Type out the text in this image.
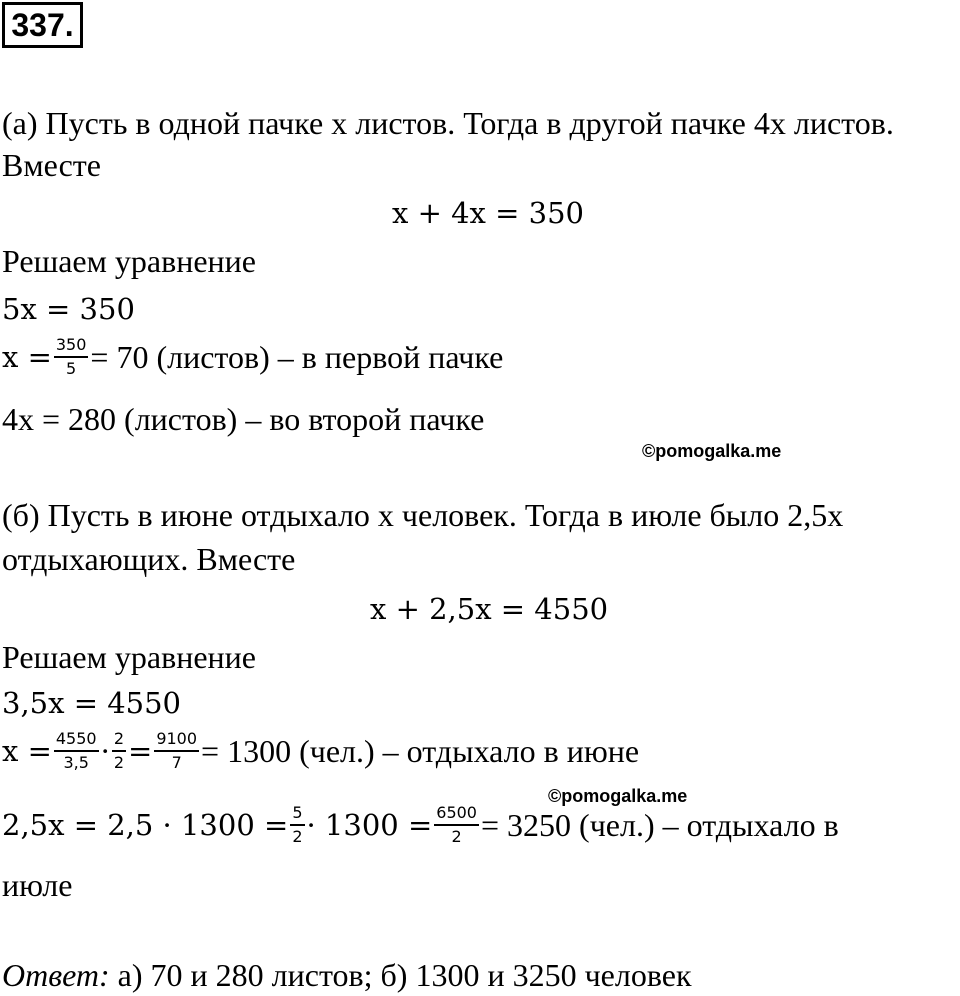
337.
(а) Пусть в одной пачке x листов. Тогда в другой пачке 4x листов.
Вместе
x + 4x = 350
Решаем уравнение
5x = 350
$x = \frac{350}{5} = 70$ (листов) – в первой пачке
4x = 280 (листов) – во второй пачке
©pomogalka.me
(б) Пусть в июне отдыхало x человек. Тогда в июле было 2,5x
отдыхающих. Вместе
x + 2,5x = 4550
Решаем уравнение
3,5x = 4550
$x = \frac{4550}{3,5} \cdot \frac{2}{2} = \frac{9100}{7} = 1300$ (чел.) – отдыхало в июне
©pomogalka.me
$2,5x = 2,5 \cdot 1300 = \frac{5}{2} \cdot 1300 = \frac{6500}{2} = 3250$ (чел.) – отдыхало в
июле
Ответ: а) 70 и 280 листов; б) 1300 и 3250 человек
